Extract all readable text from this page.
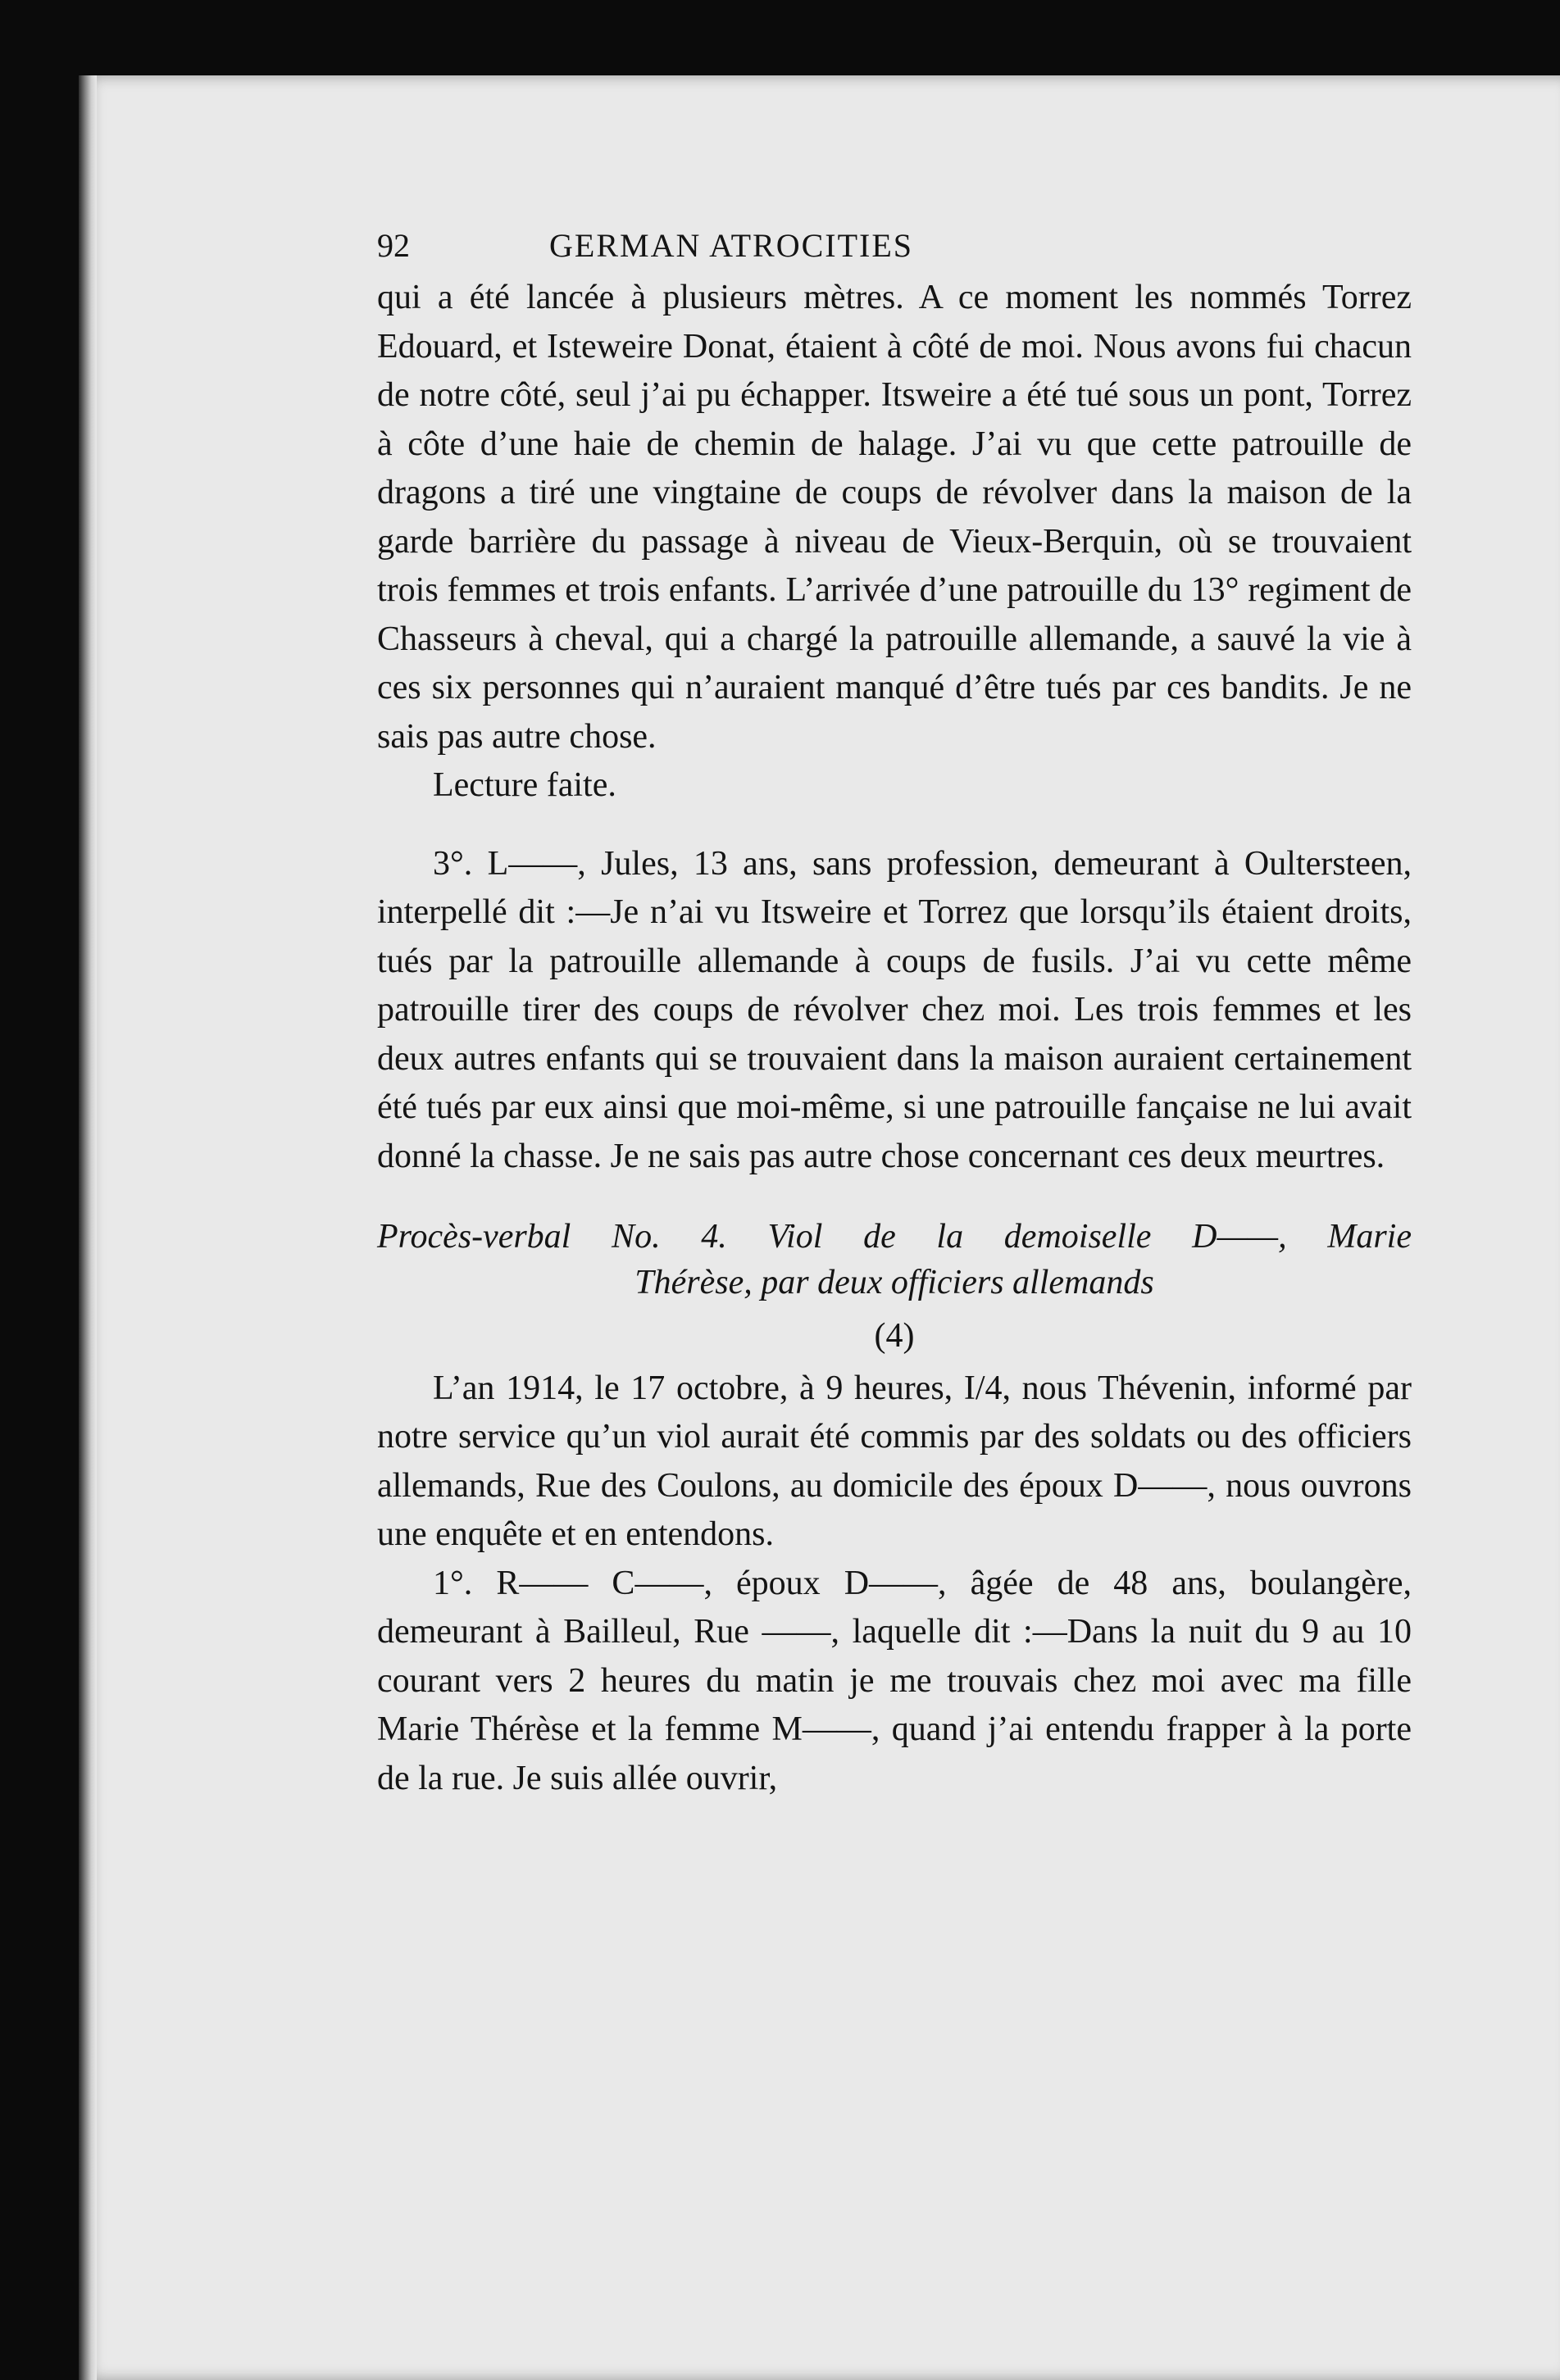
92	GERMAN ATROCITIES

qui a été lancée à plusieurs mètres. A ce moment les nommés Torrez Edouard, et Isteweire Donat, étaient à côté de moi. Nous avons fui chacun de notre côté, seul j’ai pu échapper. Itsweire a été tué sous un pont, Torrez à côte d’une haie de chemin de halage. J’ai vu que cette patrouille de dragons a tiré une vingtaine de coups de révolver dans la maison de la garde barrière du passage à niveau de Vieux-Berquin, où se trouvaient trois femmes et trois enfants. L’arrivée d’une patrouille du 13° regiment de Chasseurs à cheval, qui a chargé la patrouille allemande, a sauvé la vie à ces six personnes qui n’auraient manqué d’être tués par ces bandits. Je ne sais pas autre chose.

Lecture faite.

3°. L——, Jules, 13 ans, sans profession, demeurant à Oultersteen, interpellé dit :—Je n’ai vu Itsweire et Torrez que lorsqu’ils étaient droits, tués par la patrouille allemande à coups de fusils. J’ai vu cette même patrouille tirer des coups de révolver chez moi. Les trois femmes et les deux autres enfants qui se trouvaient dans la maison auraient certainement été tués par eux ainsi que moi-même, si une patrouille fançaise ne lui avait donné la chasse. Je ne sais pas autre chose concernant ces deux meurtres.

Procès-verbal No. 4. Viol de la demoiselle D——, Marie
Thérèse, par deux officiers allemands
(4)

L’an 1914, le 17 octobre, à 9 heures, I/4, nous Thévenin, informé par notre service qu’un viol aurait été commis par des soldats ou des officiers allemands, Rue des Coulons, au domicile des époux D——, nous ouvrons une enquête et en entendons.

1°. R—— C——, époux D——, âgée de 48 ans, boulangère, demeurant à Bailleul, Rue ——, laquelle dit :—Dans la nuit du 9 au 10 courant vers 2 heures du matin je me trouvais chez moi avec ma fille Marie Thérèse et la femme M——, quand j’ai entendu frapper à la porte de la rue. Je suis allée ouvrir,
